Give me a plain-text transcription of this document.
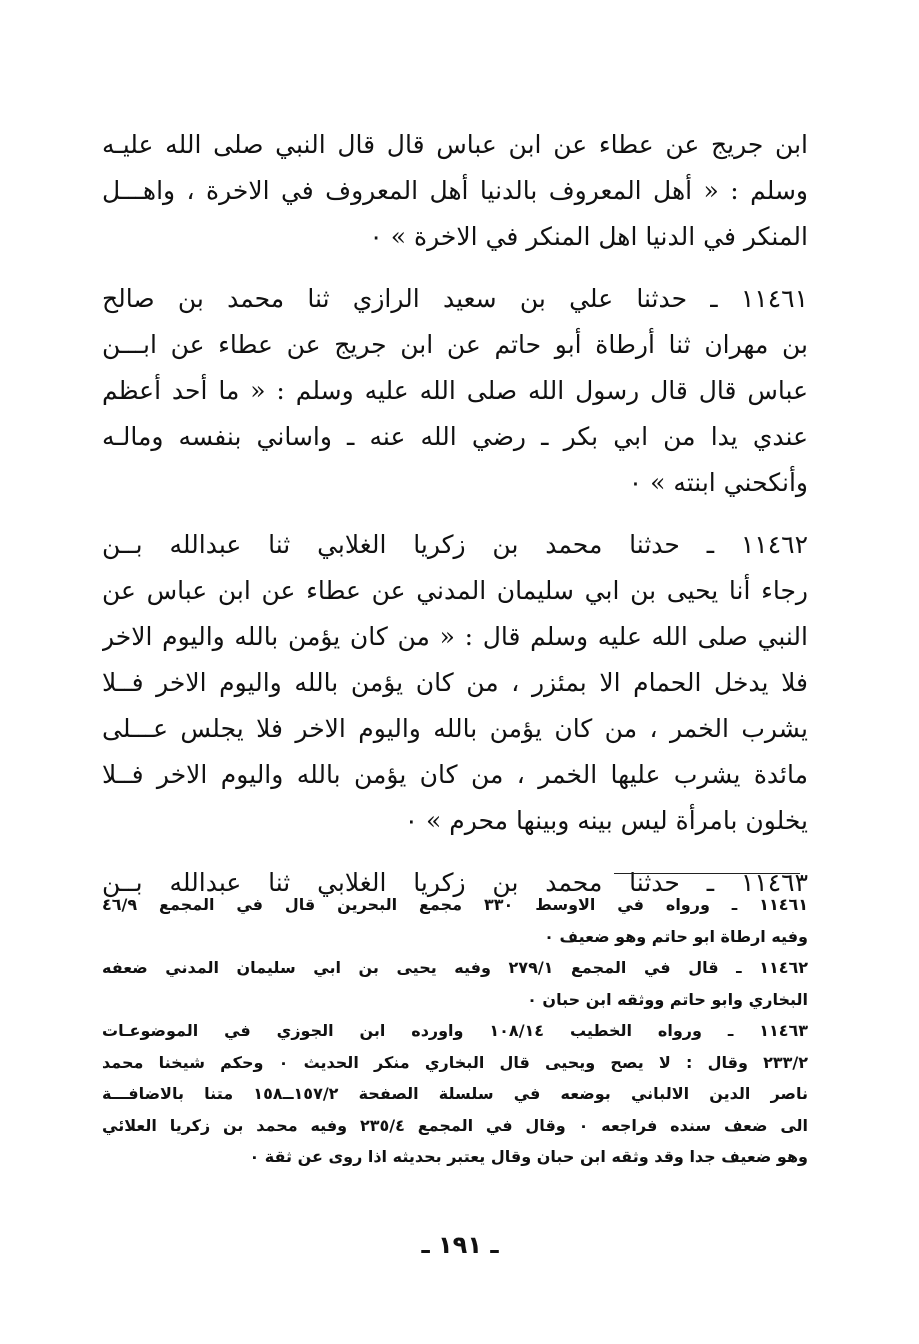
ابن جريج عن عطاء عن ابن عباس قال قال النبي صلى الله عليـه
وسلم : « أهل المعروف بالدنيا أهل المعروف في الاخرة ، واهـــل
المنكر في الدنيا اهل المنكر في الاخرة » ٠
١١٤٦١ ـ حدثنا علي بن سعيد الرازي ثنا محمد بن صالح
بن مهران ثنا أرطاة أبو حاتم عن ابن جريج عن عطاء عن ابـــن
عباس قال قال رسول الله صلى الله عليه وسلم : « ما أحد أعظم
عندي يدا من ابي بكر ـ رضي الله عنه ـ واساني بنفسه ومالـه
وأنكحني ابنته » ٠
١١٤٦٢ ـ حدثنا محمد بن زكريا الغلابي ثنا عبدالله بــن
رجاء أنا يحيى بن ابي سليمان المدني عن عطاء عن ابن عباس عن
النبي صلى الله عليه وسلم قال : « من كان يؤمن بالله واليوم الاخر
فلا يدخل الحمام الا بمئزر ، من كان يؤمن بالله واليوم الاخر فــلا
يشرب الخمر ، من كان يؤمن بالله واليوم الاخر فلا يجلس عـــلى
مائدة يشرب عليها الخمر ، من كان يؤمن بالله واليوم الاخر فــلا
يخلون بامرأة ليس بينه وبينها محرم » ٠
١١٤٦٣ ـ حدثنا محمد بن زكريا الغلابي ثنا عبدالله بــن
١١٤٦١ ـ ورواه في الاوسط ٣٣٠ مجمع البحرين قال في المجمع ٤٦/٩
وفيه ارطاة ابو حاتم وهو ضعيف ٠
١١٤٦٢ ـ قال في المجمع ٢٧٩/١ وفيه يحيى بن ابي سليمان المدني ضعفه
البخاري وابو حاتم ووثقه ابن حبان ٠
١١٤٦٣ ـ ورواه الخطيب ١٠٨/١٤ واورده ابن الجوزي في الموضوعـات
٢٣٣/٢ وقال : لا يصح ويحيى قال البخاري منكر الحديث ٠ وحكم شيخنا محمد
ناصر الدين الالباني بوضعه في سلسلة الصفحة ١٥٧/٢ــ١٥٨ متنا بالاضافـــة
الى ضعف سنده فراجعه ٠ وقال في المجمع ٢٣٥/٤ وفيه محمد بن زكريا العلائي
وهو ضعيف جدا وقد وثقه ابن حبان وقال يعتبر بحديثه اذا روى عن ثقة ٠
ـ ١٩١ ـ
